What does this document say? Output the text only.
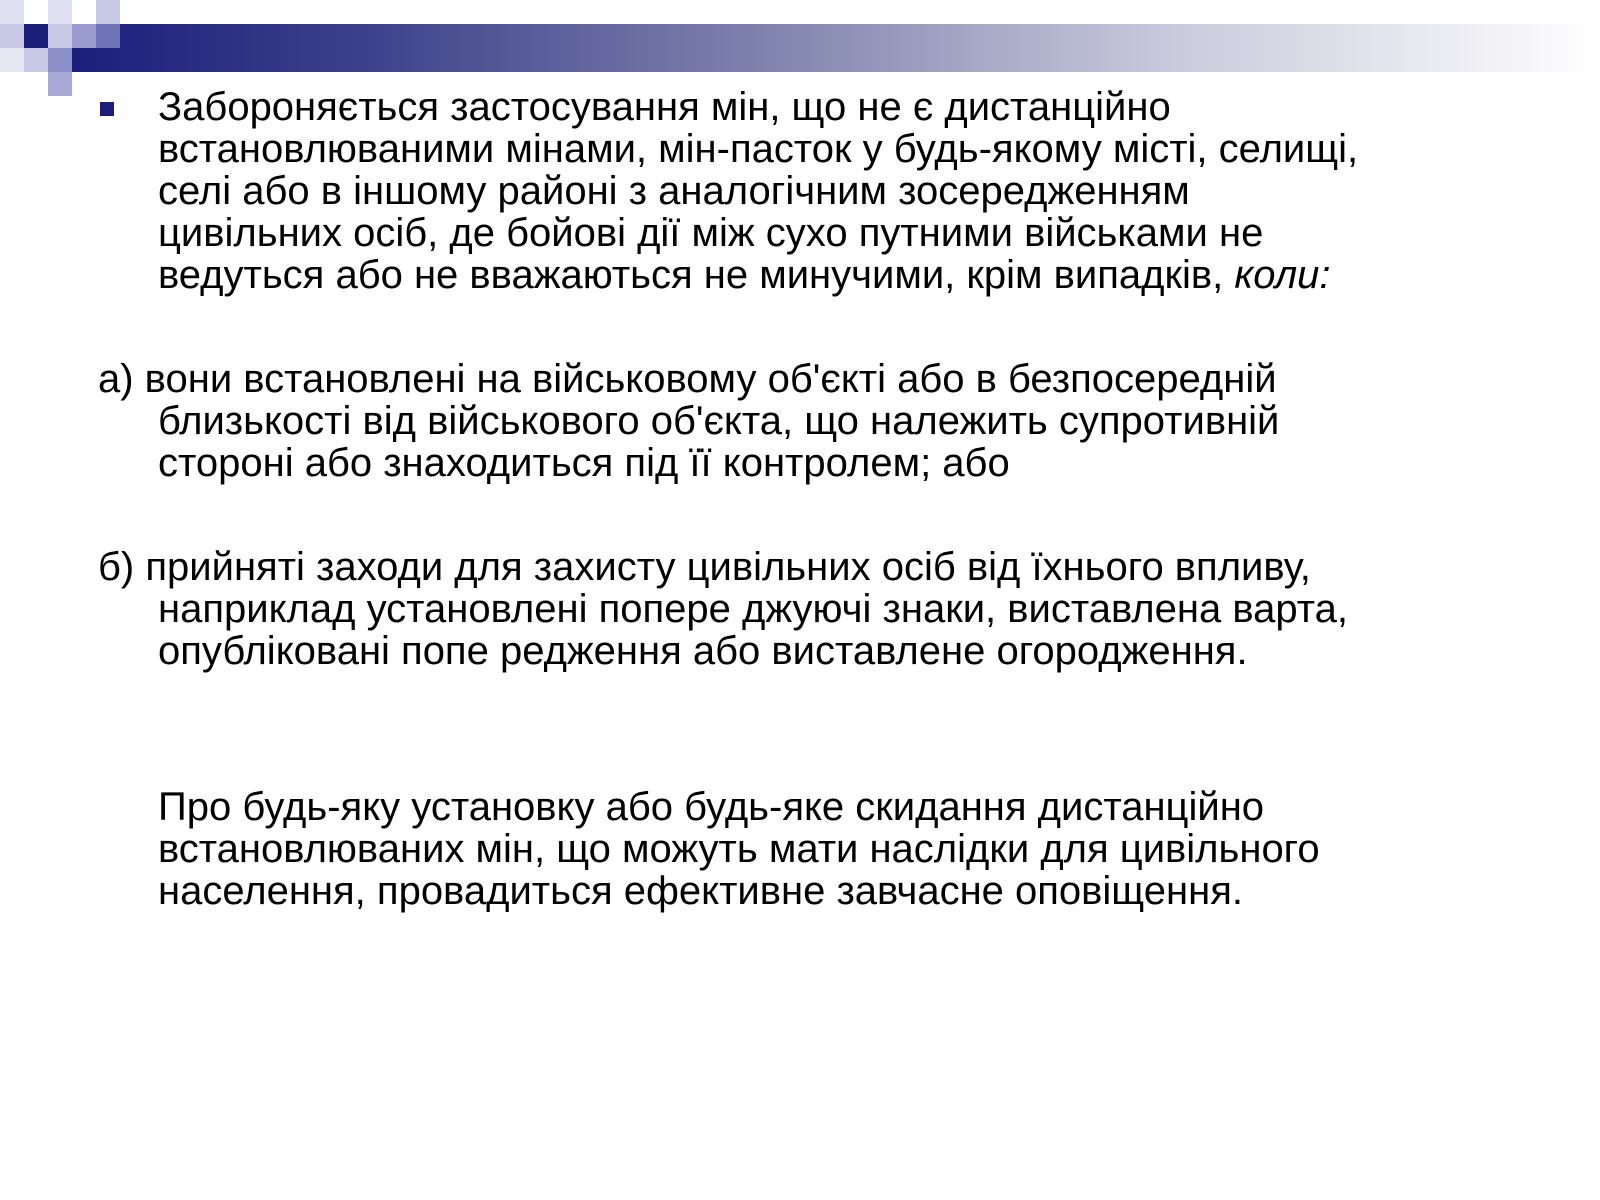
Забороняється застосування мін, що не є дистанційно
встановлюваними мінами, мін-пасток у будь-якому місті, селищі,
селі або в іншому районі з аналогічним зосередженням
цивільних осіб, де бойові дії між сухо путними військами не
ведуться або не вважаються не минучими, крім випадків, коли:
а) вони встановлені на військовому об'єкті або в безпосередній
близькості від військового об'єкта, що належить супротивній
стороні або знаходиться під її контролем; або
б) прийняті заходи для захисту цивільних осіб від їхнього впливу,
наприклад установлені попере джуючі знаки, виставлена варта,
опубліковані попе редження або виставлене огородження.
Про будь-яку установку або будь-яке скидання дистанційно
встановлюваних мін, що можуть мати наслідки для цивільного
населення, провадиться ефективне завчасне оповіщення.
